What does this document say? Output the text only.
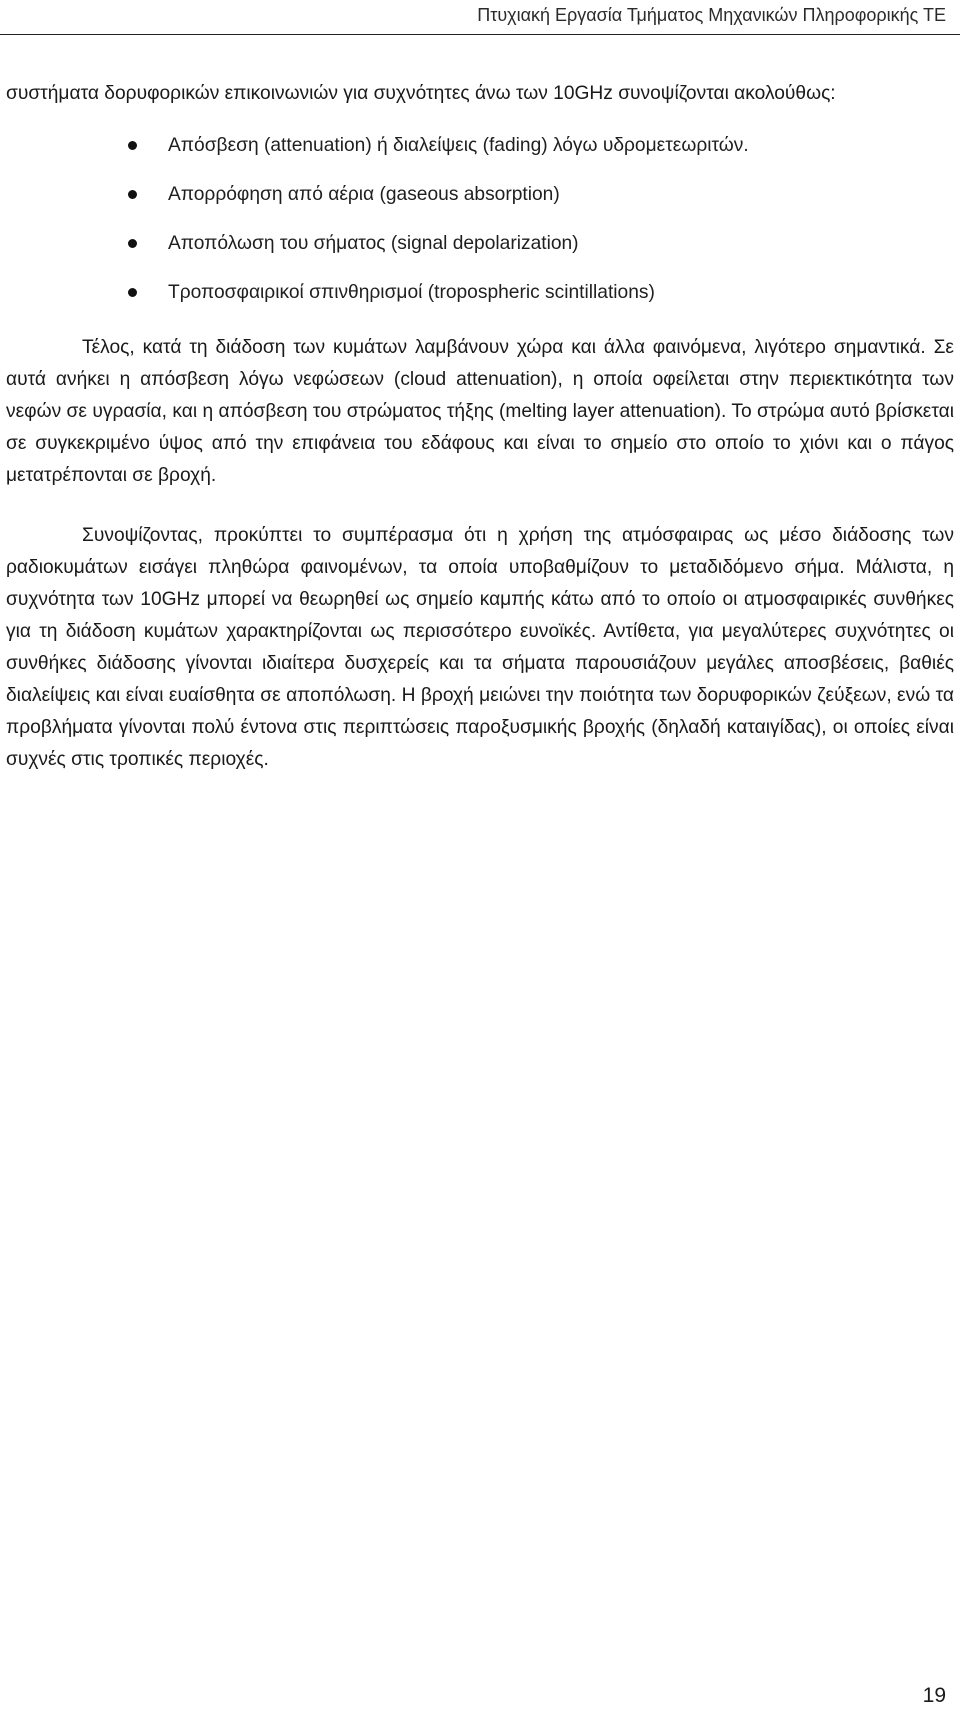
Πτυχιακή Εργασία Τμήματος Μηχανικών Πληροφορικής ΤΕ

συστήματα δορυφορικών επικοινωνιών για συχνότητες άνω των 10GHz συνοψίζονται ακολούθως:

Απόσβεση (attenuation) ή διαλείψεις (fading) λόγω υδρομετεωριτών.
Απορρόφηση από αέρια (gaseous absorption)
Αποπόλωση του σήματος (signal depolarization)
Τροποσφαιρικοί σπινθηρισμοί (tropospheric scintillations)

Τέλος, κατά τη διάδοση των κυμάτων λαμβάνουν χώρα και άλλα φαινόμενα, λιγότερο σημαντικά. Σε αυτά ανήκει η απόσβεση λόγω νεφώσεων (cloud attenuation), η οποία οφείλεται στην περιεκτικότητα των νεφών σε υγρασία, και η απόσβεση του στρώματος τήξης (melting layer attenuation). Το στρώμα αυτό βρίσκεται σε συγκεκριμένο ύψος από την επιφάνεια του εδάφους και είναι το σημείο στο οποίο το χιόνι και ο πάγος μετατρέπονται σε βροχή.

Συνοψίζοντας, προκύπτει το συμπέρασμα ότι η χρήση της ατμόσφαιρας ως μέσο διάδοσης των ραδιοκυμάτων εισάγει πληθώρα φαινομένων, τα οποία υποβαθμίζουν το μεταδιδόμενο σήμα. Μάλιστα, η συχνότητα των 10GHz μπορεί να θεωρηθεί ως σημείο καμπής κάτω από το οποίο οι ατμοσφαιρικές συνθήκες για τη διάδοση κυμάτων χαρακτηρίζονται ως περισσότερο ευνοϊκές. Αντίθετα, για μεγαλύτερες συχνότητες οι συνθήκες διάδοσης γίνονται ιδιαίτερα δυσχερείς και τα σήματα παρουσιάζουν μεγάλες αποσβέσεις, βαθιές διαλείψεις και είναι ευαίσθητα σε αποπόλωση. Η βροχή μειώνει την ποιότητα των δορυφορικών ζεύξεων, ενώ τα προβλήματα γίνονται πολύ έντονα στις περιπτώσεις παροξυσμικής βροχής (δηλαδή καταιγίδας), οι οποίες είναι συχνές στις τροπικές περιοχές.

19
